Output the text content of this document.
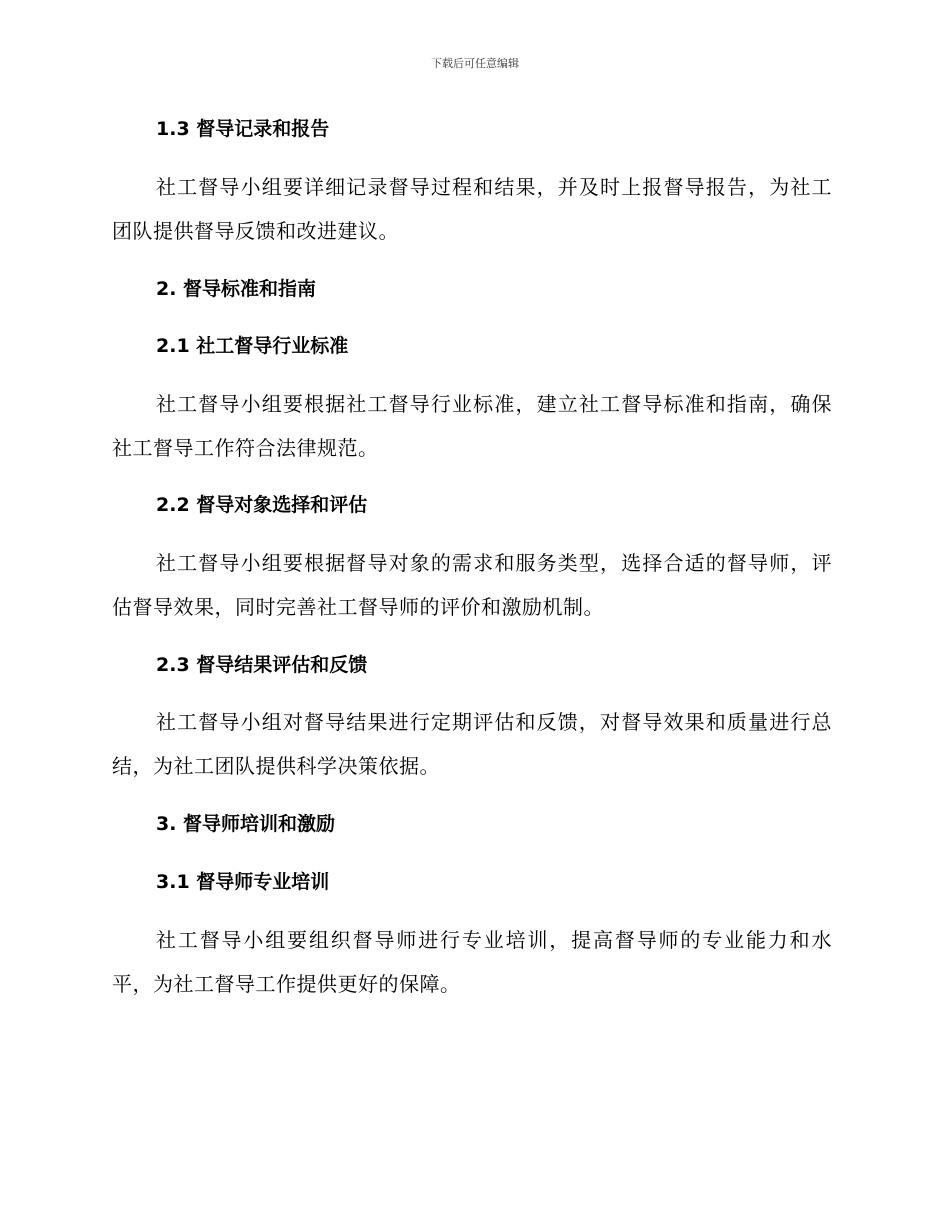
下载后可任意编辑
1.3 督导记录和报告

社工督导小组要详细记录督导过程和结果，并及时上报督导报告，为社工团队提供督导反馈和改进建议。

2. 督导标准和指南
2.1 社工督导行业标准

社工督导小组要根据社工督导行业标准，建立社工督导标准和指南，确保社工督导工作符合法律规范。

2.2 督导对象选择和评估

社工督导小组要根据督导对象的需求和服务类型，选择合适的督导师，评估督导效果，同时完善社工督导师的评价和激励机制。

2.3 督导结果评估和反馈

社工督导小组对督导结果进行定期评估和反馈，对督导效果和质量进行总结，为社工团队提供科学决策依据。

3. 督导师培训和激励
3.1 督导师专业培训

社工督导小组要组织督导师进行专业培训，提高督导师的专业能力和水平，为社工督导工作提供更好的保障。
